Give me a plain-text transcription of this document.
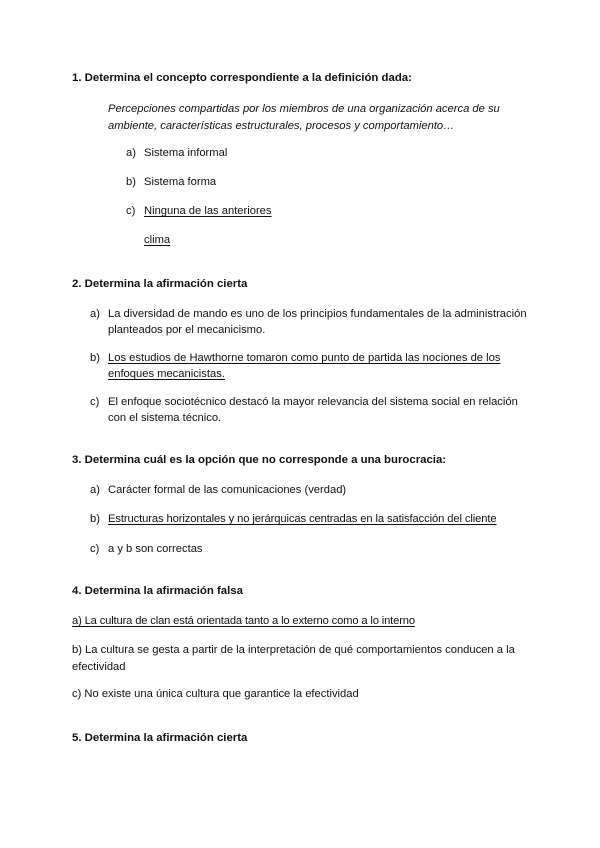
1. Determina el concepto correspondiente a la definición dada:
Percepciones compartidas por los miembros de una organización acerca de su ambiente, características estructurales, procesos y comportamiento…
a) Sistema informal
b) Sistema forma
c) Ninguna de las anteriores
clima
2. Determina la afirmación cierta
a) La diversidad de mando es uno de los principios fundamentales de la administración planteados por el mecanicismo.
b) Los estudios de Hawthorne tomaron como punto de partida las nociones de los enfoques mecanicistas.
c) El enfoque sociotécnico destacó la mayor relevancia del sistema social en relación con el sistema técnico.
3. Determina cuál es la opción que no corresponde a una burocracia:
a) Carácter formal de las comunicaciones (verdad)
b) Estructuras horizontales y no jerárquicas centradas en la satisfacción del cliente
c) a y b son correctas
4. Determina la afirmación falsa
a) La cultura de clan está orientada tanto a lo externo como a lo interno
b) La cultura se gesta a partir de la interpretación de qué comportamientos conducen a la efectividad
c) No existe una única cultura que garantice la efectividad
5. Determina la afirmación cierta
